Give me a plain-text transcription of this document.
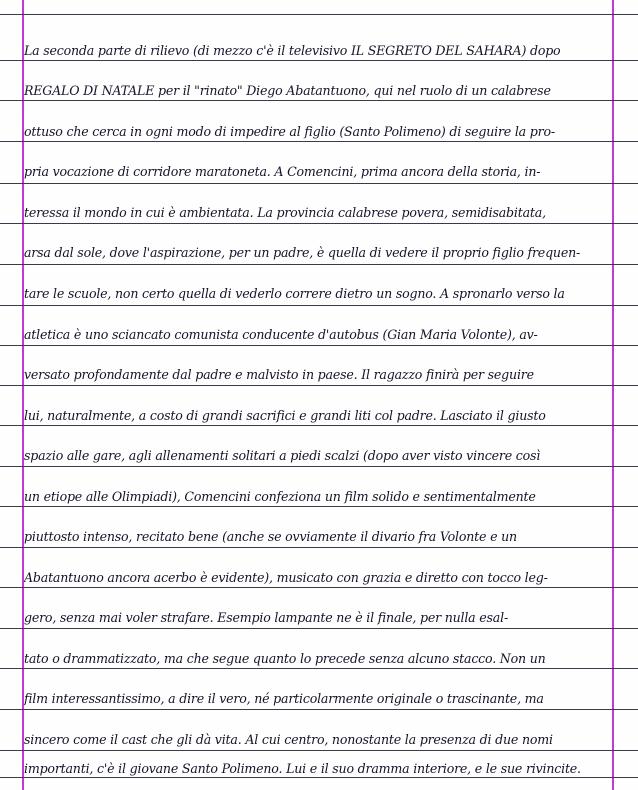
La seconda parte di rilievo (di mezzo c'è il televisivo IL SEGRETO DEL SAHARA) dopo
REGALO DI NATALE per il "rinato" Diego Abatantuono, qui nel ruolo di un calabrese
ottuso che cerca in ogni modo di impedire al figlio (Santo Polimeno) di seguire la pro-
pria vocazione di corridore maratoneta. A Comencini, prima ancora della storia, in-
teressa il mondo in cui è ambientata. La provincia calabrese povera, semidisabitata,
arsa dal sole, dove l'aspirazione, per un padre, è quella di vedere il proprio figlio frequen-
tare le scuole, non certo quella di vederlo correre dietro un sogno. A spronarlo verso la
atletica è uno sciancato comunista conducente d'autobus (Gian Maria Volonte), av-
versato profondamente dal padre e malvisto in paese. Il ragazzo finirà per seguire
lui, naturalmente, a costo di grandi sacrifici e grandi liti col padre. Lasciato il giusto
spazio alle gare, agli allenamenti solitari a piedi scalzi (dopo aver visto vincere così
un etiope alle Olimpiadi), Comencini confeziona un film solido e sentimentalmente
piuttosto intenso, recitato bene (anche se ovviamente il divario fra Volonte e un
Abatantuono ancora acerbo è evidente), musicato con grazia e diretto con tocco leg-
gero, senza mai voler strafare. Esempio lampante ne è il finale, per nulla esal-
tato o drammatizzato, ma che segue quanto lo precede senza alcuno stacco. Non un
film interessantissimo, a dire il vero, né particolarmente originale o trascinante, ma
sincero come il cast che gli dà vita. Al cui centro, nonostante la presenza di due nomi
importanti, c'è il giovane Santo Polimeno. Lui e il suo dramma interiore, e le sue rivincite.
